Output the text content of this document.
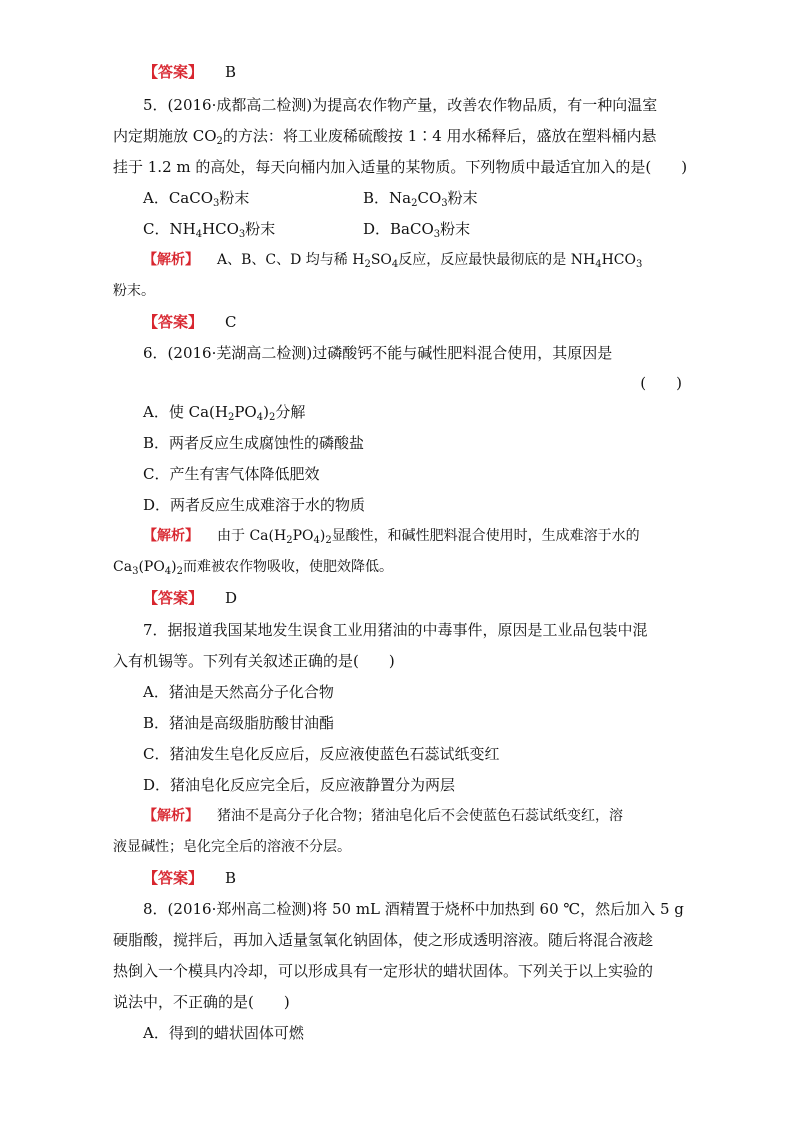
【答案】 B
5．(2016·成都高二检测)为提高农作物产量，改善农作物品质，有一种向温室
内定期施放 $CO_2$的方法：将工业废稀硫酸按 1∶4 用水稀释后，盛放在塑料桶内悬
挂于 1.2 m 的高处，每天向桶内加入适量的某物质。下列物质中最适宜加入的是(　　)
A．CaCO$_3$粉末	B．$Na_2CO_3$粉末
C．$NH_4HCO_3$粉末	D．BaCO$_3$粉末
【解析】 A、B、C、D 均与稀 $H_2SO_4$反应，反应最快最彻底的是 $NH_4HCO_3$
粉末。
【答案】 C
6．(2016·芜湖高二检测)过磷酸钙不能与碱性肥料混合使用，其原因是
(　　)
A．使 $Ca(H_2PO_4)_2$分解
B．两者反应生成腐蚀性的磷酸盐
C．产生有害气体降低肥效
D．两者反应生成难溶于水的物质
【解析】 由于 $Ca(H_2PO_4)_2$显酸性，和碱性肥料混合使用时，生成难溶于水的
$Ca_3(PO_4)_2$而难被农作物吸收，使肥效降低。
【答案】 D
7．据报道我国某地发生误食工业用猪油的中毒事件，原因是工业品包装中混
入有机锡等。下列有关叙述正确的是(　　)
A．猪油是天然高分子化合物
B．猪油是高级脂肪酸甘油酯
C．猪油发生皂化反应后，反应液使蓝色石蕊试纸变红
D．猪油皂化反应完全后，反应液静置分为两层
【解析】 猪油不是高分子化合物；猪油皂化后不会使蓝色石蕊试纸变红，溶
液显碱性；皂化完全后的溶液不分层。
【答案】 B
8．(2016·郑州高二检测)将 50 mL 酒精置于烧杯中加热到 60 ℃，然后加入 5 g
硬脂酸，搅拌后，再加入适量氢氧化钠固体，使之形成透明溶液。随后将混合液趁
热倒入一个模具内冷却，可以形成具有一定形状的蜡状固体。下列关于以上实验的
说法中，不正确的是(　　)
A．得到的蜡状固体可燃
